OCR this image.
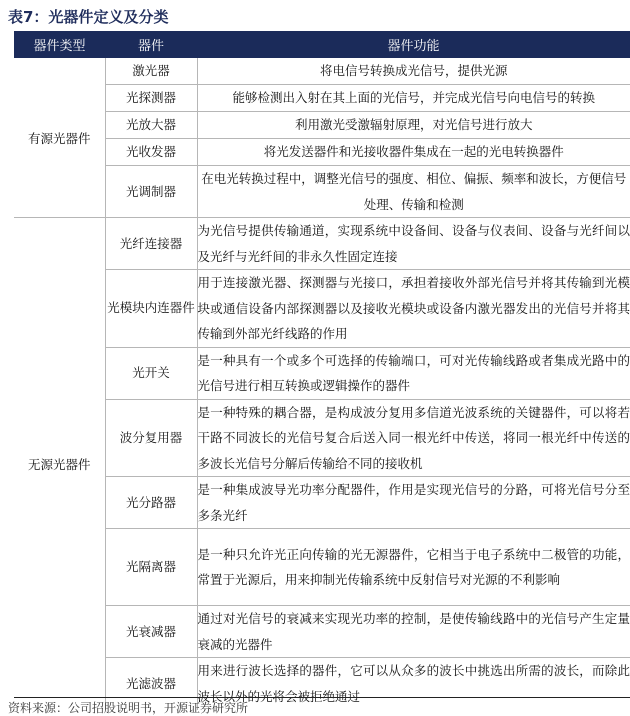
表7：光器件定义及分类
器件类型	器件	器件功能
有源光器件	激光器	将电信号转换成光信号，提供光源
	光探测器	能够检测出入射在其上面的光信号，并完成光信号向电信号的转换
	光放大器	利用激光受激辐射原理，对光信号进行放大
	光收发器	将光发送器件和光接收器件集成在一起的光电转换器件
	光调制器	在电光转换过程中，调整光信号的强度、相位、偏振、频率和波长，方便信号处理、传输和检测
无源光器件	光纤连接器	为光信号提供传输通道，实现系统中设备间、设备与仪表间、设备与光纤间以及光纤与光纤间的非永久性固定连接
	光模块内连器件	用于连接激光器、探测器与光接口，承担着接收外部光信号并将其传输到光模块或通信设备内部探测器以及接收光模块或设备内激光器发出的光信号并将其传输到外部光纤线路的作用
	光开关	是一种具有一个或多个可选择的传输端口，可对光传输线路或者集成光路中的光信号进行相互转换或逻辑操作的器件
	波分复用器	是一种特殊的耦合器，是构成波分复用多信道光波系统的关键器件，可以将若干路不同波长的光信号复合后送入同一根光纤中传送，将同一根光纤中传送的多波长光信号分解后传输给不同的接收机
	光分路器	是一种集成波导光功率分配器件，作用是实现光信号的分路，可将光信号分至多条光纤
	光隔离器	是一种只允许光正向传输的光无源器件，它相当于电子系统中二极管的功能，常置于光源后，用来抑制光传输系统中反射信号对光源的不利影响
	光衰减器	通过对光信号的衰减来实现光功率的控制，是使传输线路中的光信号产生定量衰减的光器件
	光滤波器	用来进行波长选择的器件，它可以从众多的波长中挑选出所需的波长，而除此波长以外的光将会被拒绝通过
资料来源：公司招股说明书，开源证券研究所
